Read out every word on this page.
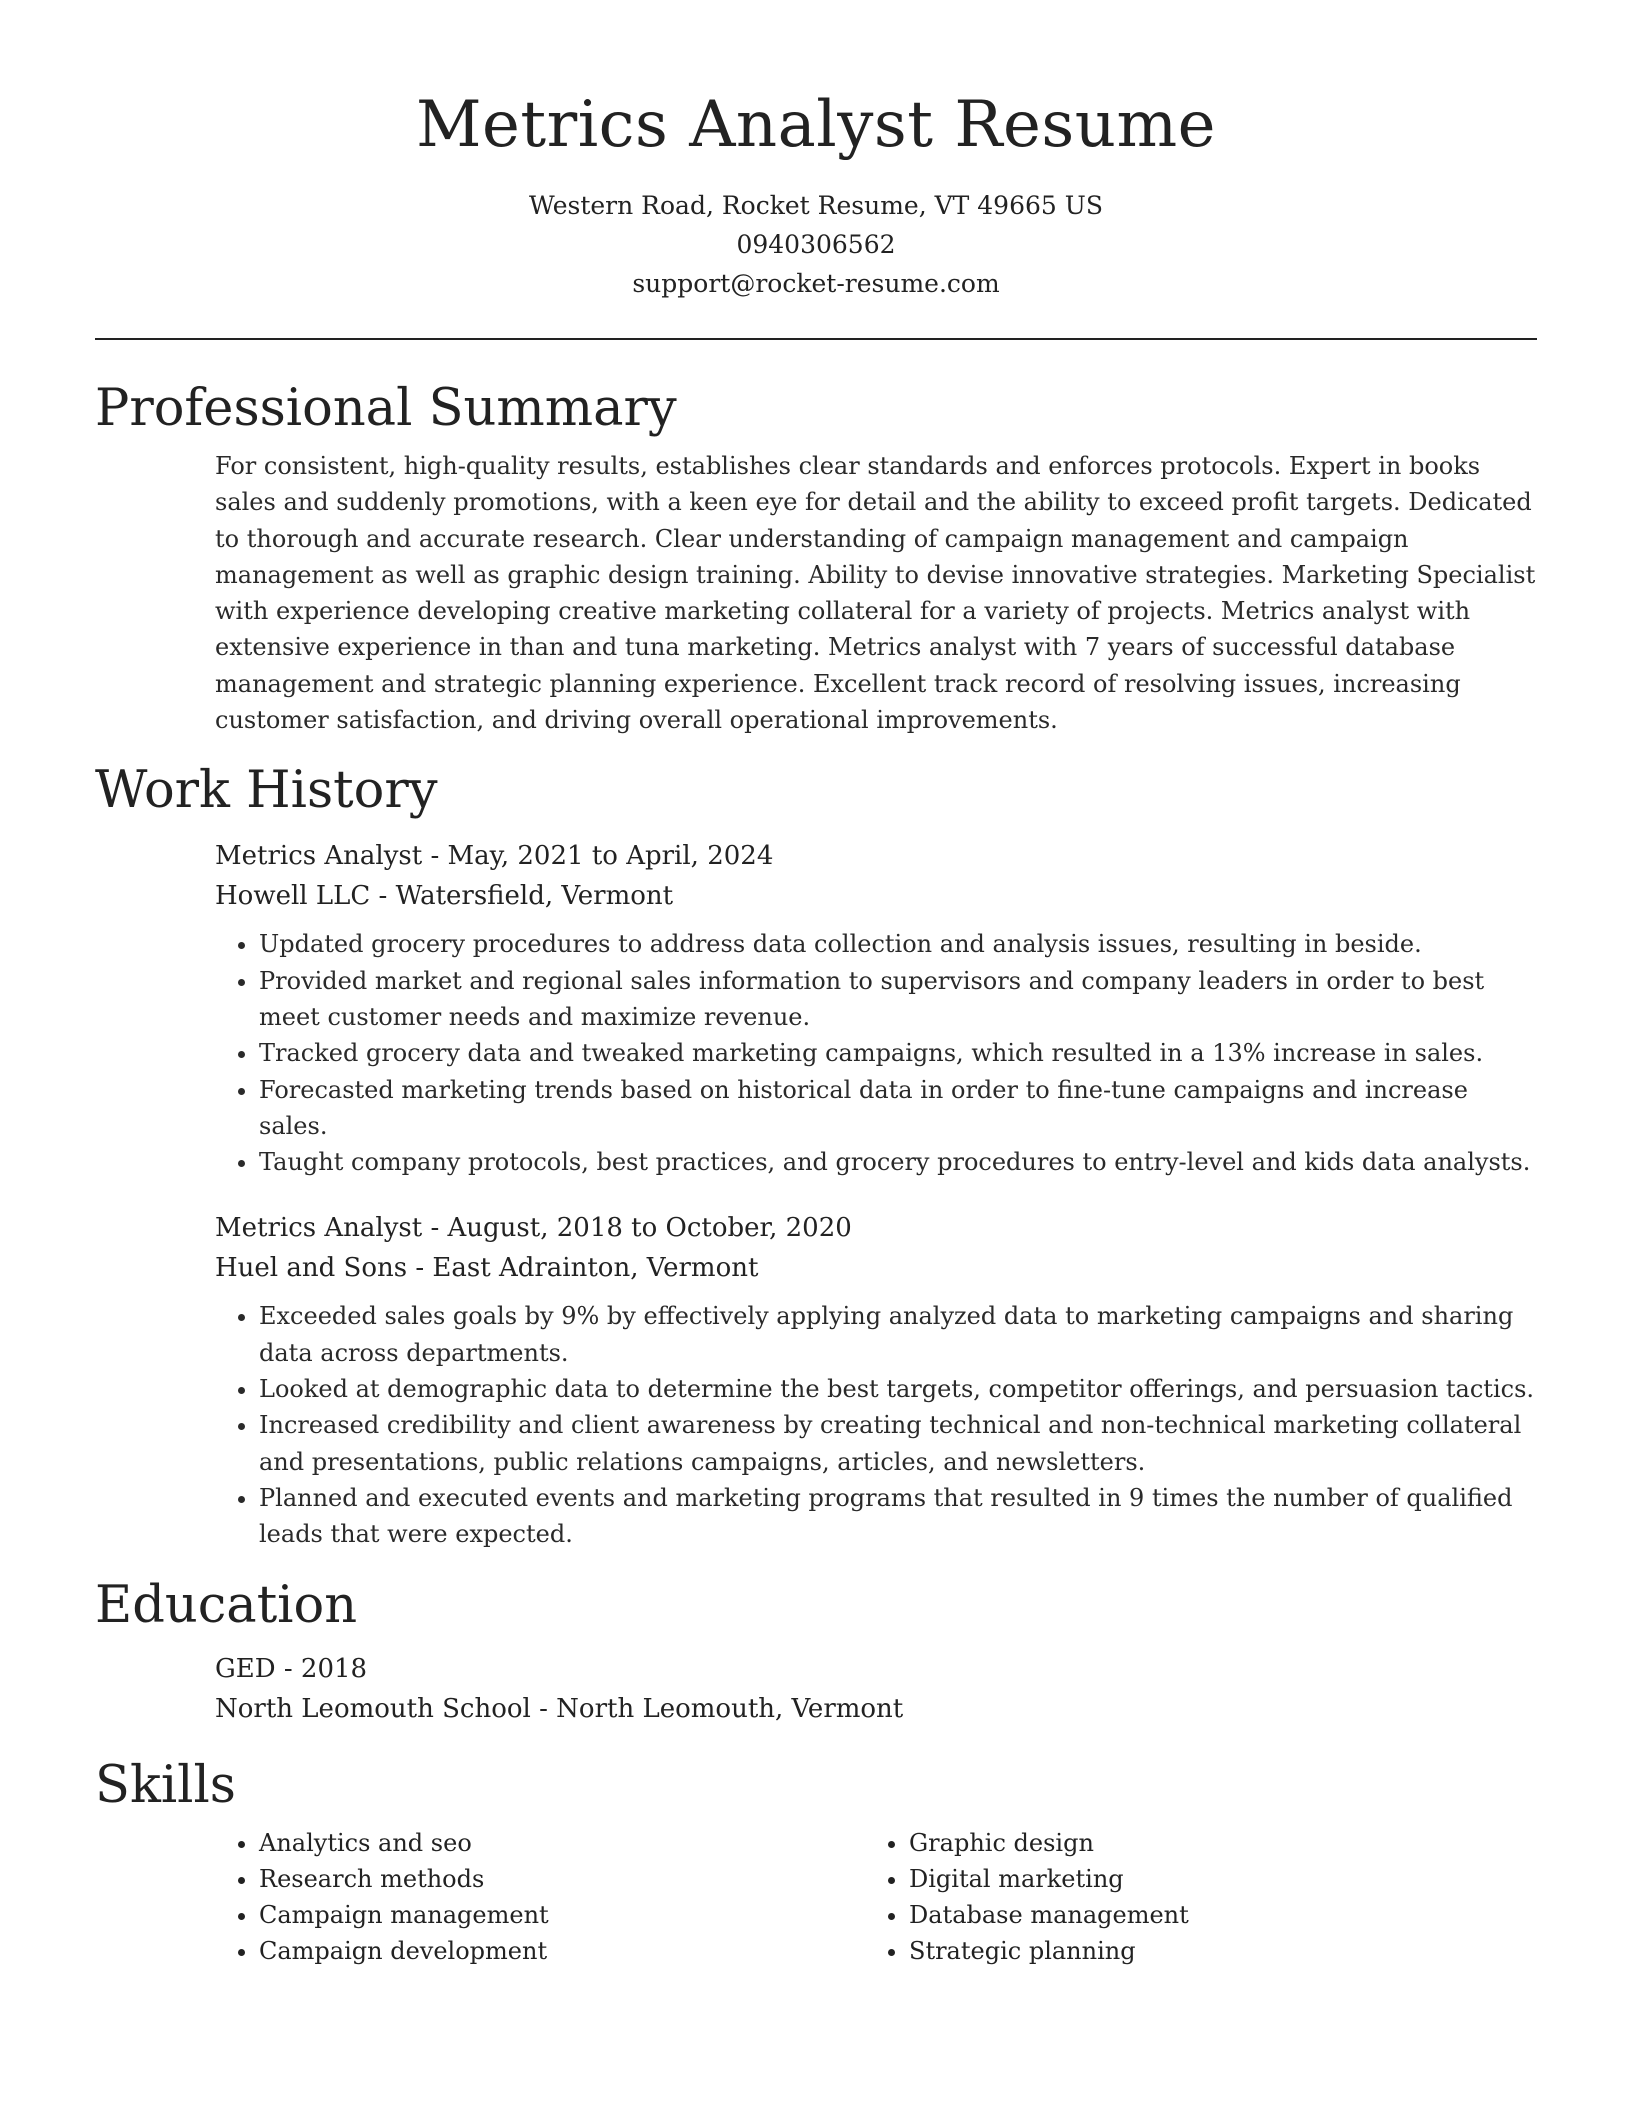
Metrics Analyst Resume
Western Road, Rocket Resume, VT 49665 US
0940306562
support@rocket-resume.com
Professional Summary

For consistent, high-quality results, establishes clear standards and enforces protocols. Expert in books sales and suddenly promotions, with a keen eye for detail and the ability to exceed profit targets. Dedicated to thorough and accurate research. Clear understanding of campaign management and campaign management as well as graphic design training. Ability to devise innovative strategies. Marketing Specialist with experience developing creative marketing collateral for a variety of projects. Metrics analyst with extensive experience in than and tuna marketing. Metrics analyst with 7 years of successful database management and strategic planning experience. Excellent track record of resolving issues, increasing customer satisfaction, and driving overall operational improvements.

Work History

Metrics Analyst - May, 2021 to April, 2024

Howell LLC - Watersfield, Vermont

• Updated grocery procedures to address data collection and analysis issues, resulting in beside.
• Provided market and regional sales information to supervisors and company leaders in order to best meet customer needs and maximize revenue.
• Tracked grocery data and tweaked marketing campaigns, which resulted in a 13% increase in sales.
• Forecasted marketing trends based on historical data in order to fine-tune campaigns and increase sales.
• Taught company protocols, best practices, and grocery procedures to entry-level and kids data analysts.

Metrics Analyst - August, 2018 to October, 2020

Huel and Sons - East Adrainton, Vermont

• Exceeded sales goals by 9% by effectively applying analyzed data to marketing campaigns and sharing data across departments.
• Looked at demographic data to determine the best targets, competitor offerings, and persuasion tactics.
• Increased credibility and client awareness by creating technical and non-technical marketing collateral and presentations, public relations campaigns, articles, and newsletters.
• Planned and executed events and marketing programs that resulted in 9 times the number of qualified leads that were expected.
Education

GED - 2018

North Leomouth School - North Leomouth, Vermont

Skills
• Analytics and seo
• Research methods
• Campaign management
• Campaign development
• Graphic design
• Digital marketing
• Database management
• Strategic planning
